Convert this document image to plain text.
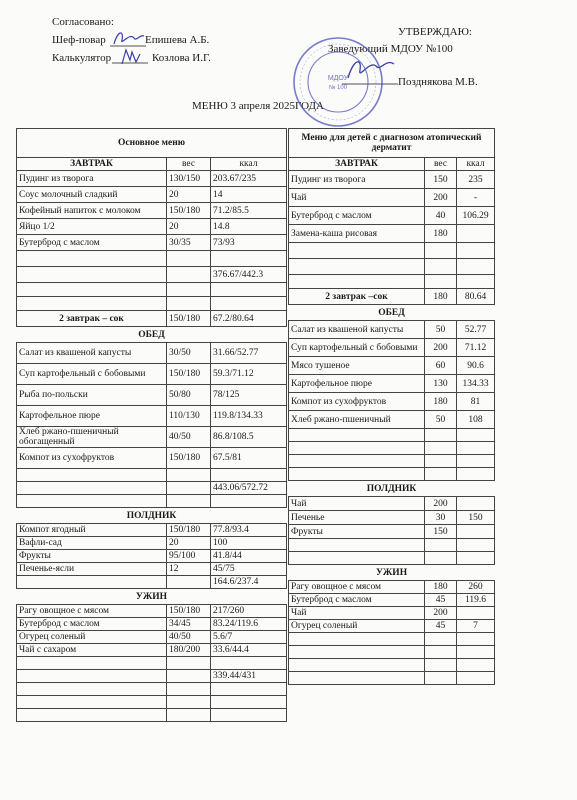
Согласовано:
Шеф-повар	Епишева А.Б.
Калькулятор	Козлова И.Г.
УТВЕРЖДАЮ:
Заведующий МДОУ №100
Позднякова М.В.
МЕНЮ 3 апреля 2025ГОДА
МДОУ
№ 100
Основное меню		
ЗАВТРАК	вес	ккал
Пудинг из творога	130/150	203.67/235
Соус молочный сладкий	20	14
Кофейный напиток с молоком	150/180	71.2/85.5
Яйцо 1/2	20	14.8
Бутерброд с маслом	30/35	73/93

		376.67/442.3

2 завтрак – сок	150/180	67.2/80.64
ОБЕД		
Салат из квашеной капусты	30/50	31.66/52.77
Суп картофельный с бобовыми	150/180	59.3/71.12
Рыба по-польски	50/80	78/125
Картофельное пюре	110/130	119.8/134.33
Хлеб ржано-пшеничный обогащенный	40/50	86.8/108.5
Компот из сухофруктов	150/180	67.5/81

		443.06/572.72

ПОЛДНИК		
Компот ягодный	150/180	77.8/93.4
Вафли-сад	20	100
Фрукты	95/100	41.8/44
Печенье-ясли	12	45/75
		164.6/237.4
УЖИН		
Рагу овощное с мясом	150/180	217/260
Бутерброд с маслом	34/45	83.24/119.6
Огурец соленый	40/50	5.6/7
Чай с сахаром	180/200	33.6/44.4

		339.44/431

Меню для детей с диагнозом атопический дерматит		
ЗАВТРАК	вес	ккал
Пудинг из творога	150	235
Чай	200	-
Бутерброд с маслом	40	106.29
Замена-каша рисовая	180	

2 завтрак –сок	180	80.64
ОБЕД		
Салат из квашеной капусты	50	52.77
Суп картофельный с бобовыми	200	71.12
Мясо тушеное	60	90.6
Картофельное пюре	130	134.33
Компот из сухофруктов	180	81
Хлеб ржано-пшеничный	50	108

ПОЛДНИК		
Чай	200	
Печенье	30	150
Фрукты	150	

УЖИН		
Рагу овощное с мясом	180	260
Бутерброд с маслом	45	119.6
Чай	200	
Огурец соленый	45	7
